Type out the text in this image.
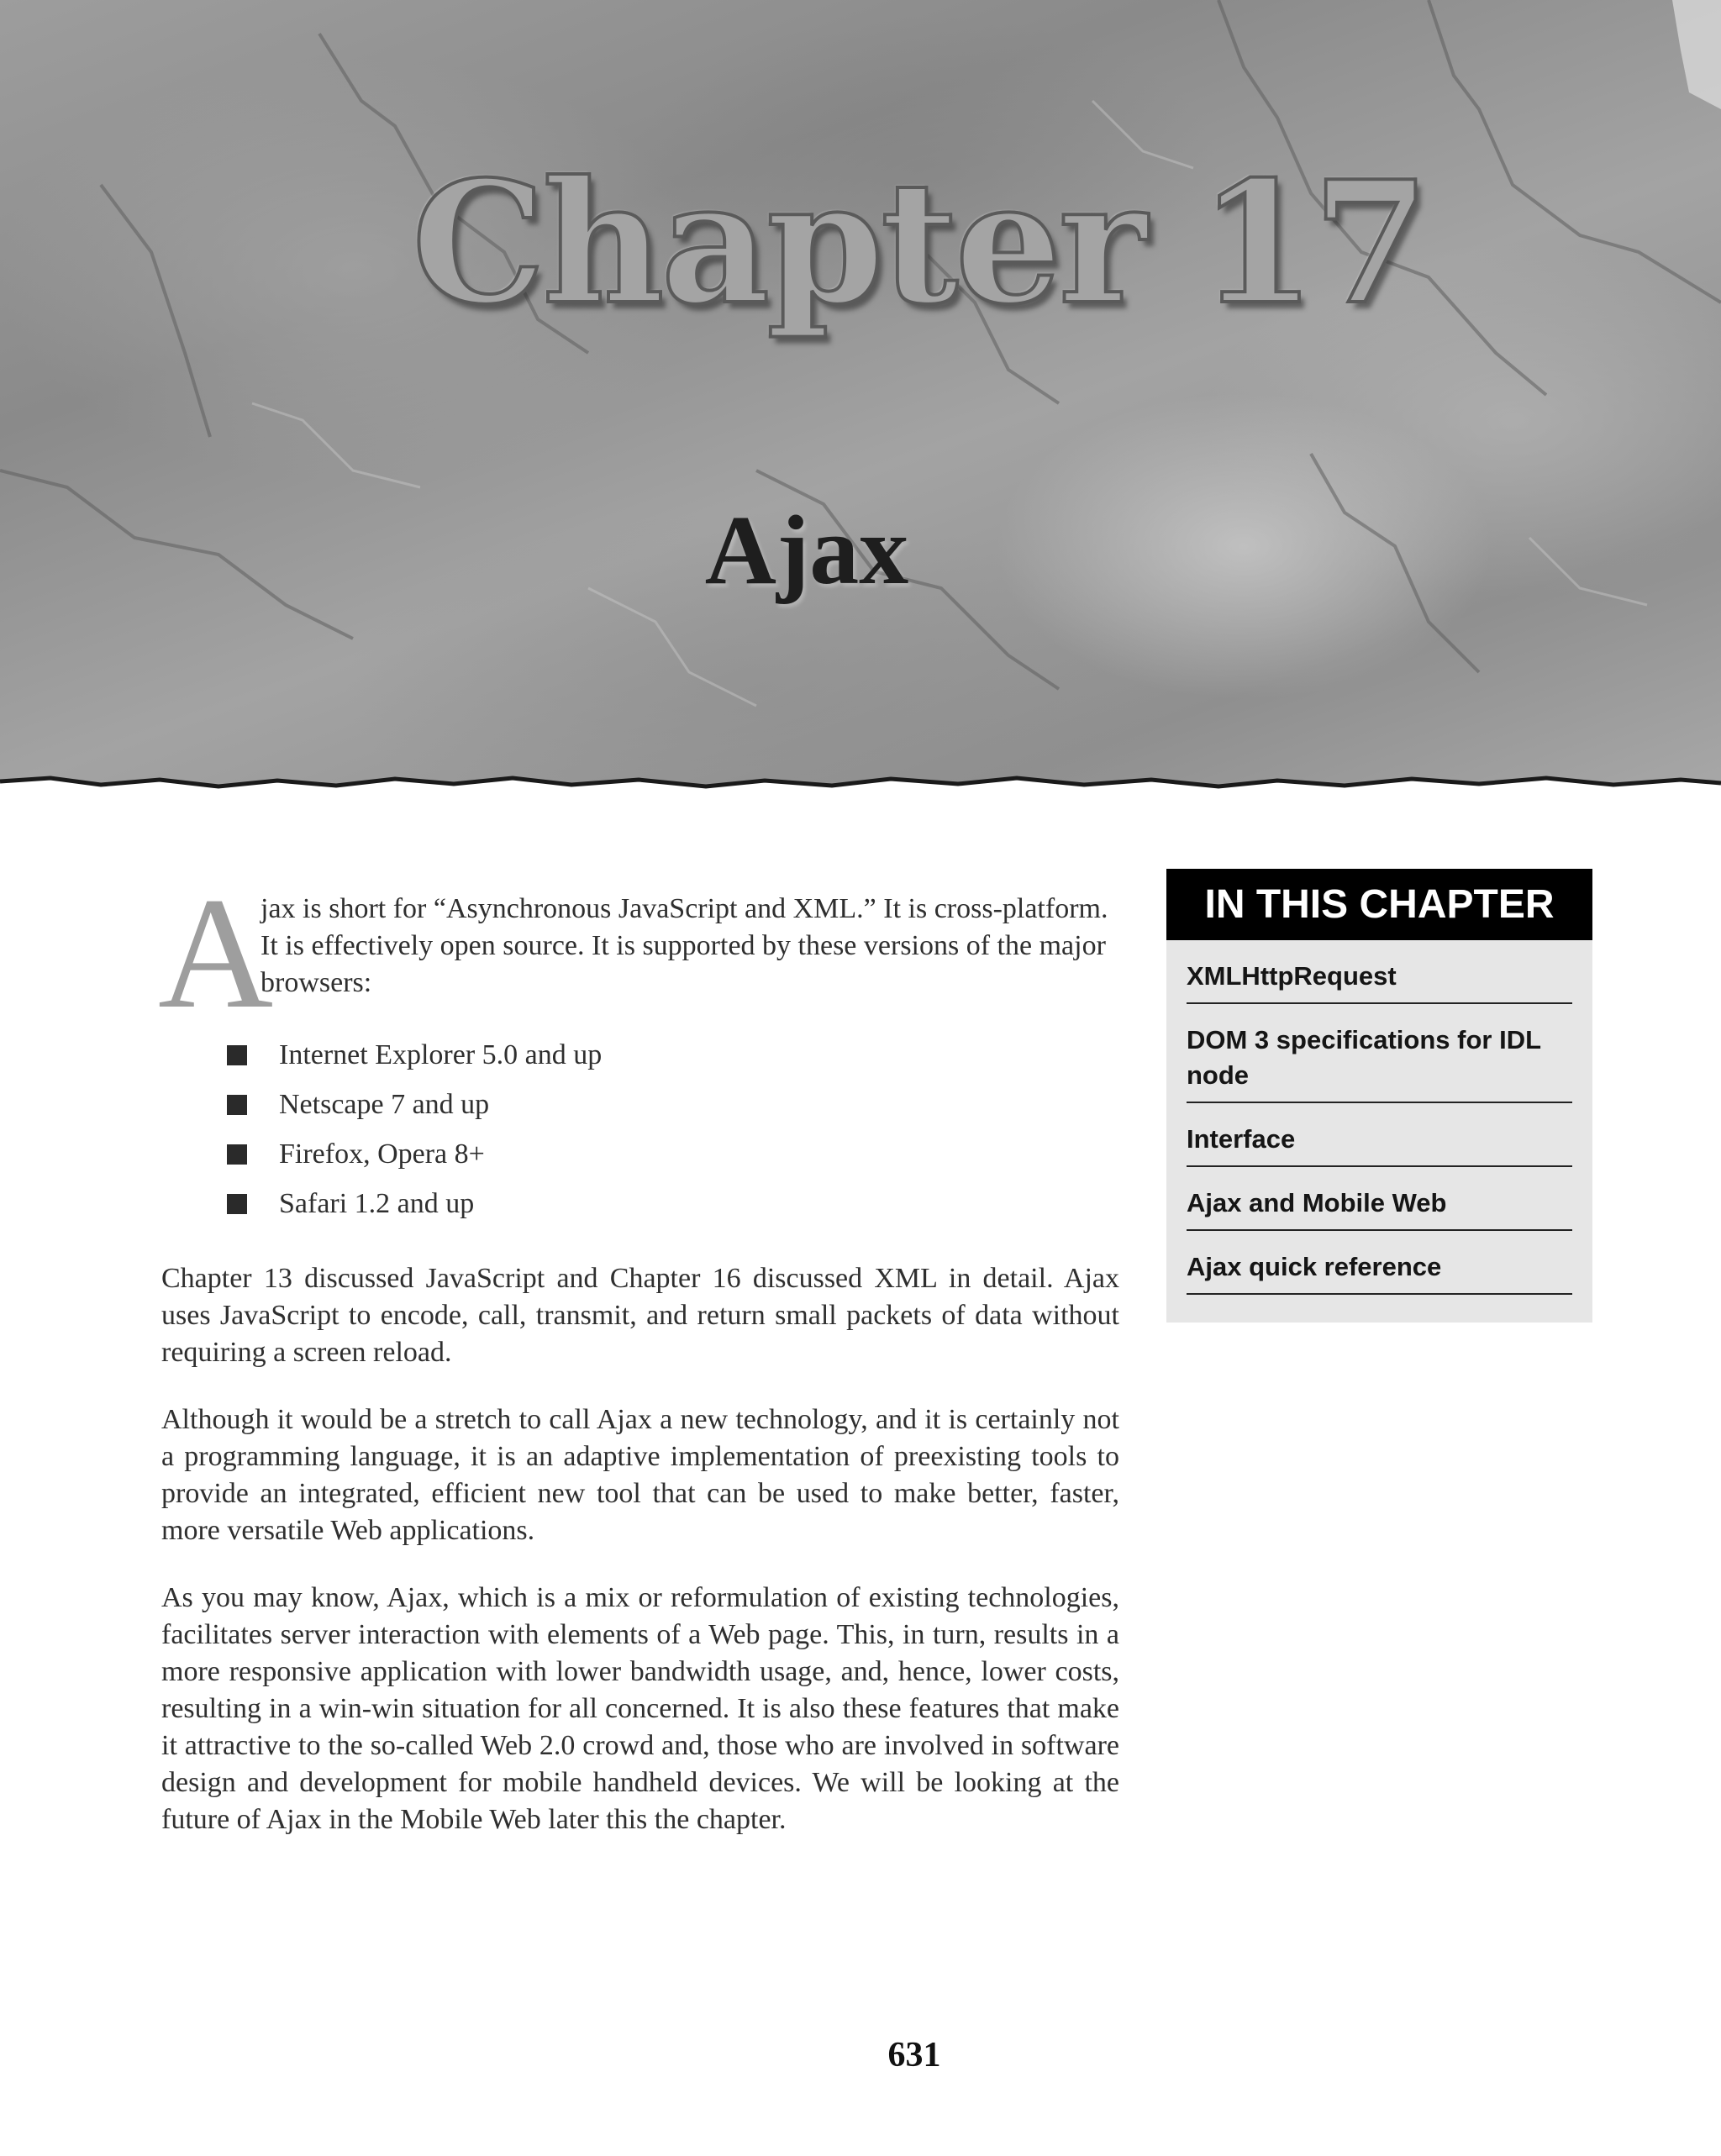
Chapter 17
Ajax

A
jax is short for “Asynchronous JavaScript and XML.” It is cross-platform. It is effectively open source. It is supported by these versions of the major browsers:

Internet Explorer 5.0 and up
Netscape 7 and up
Firefox, Opera 8+
Safari 1.2 and up

Chapter 13 discussed JavaScript and Chapter 16 discussed XML in detail. Ajax uses JavaScript to encode, call, transmit, and return small packets of data without requiring a screen reload.

Although it would be a stretch to call Ajax a new technology, and it is certainly not a programming language, it is an adaptive implementation of preexisting tools to provide an integrated, efficient new tool that can be used to make better, faster, more versatile Web applications.

As you may know, Ajax, which is a mix or reformulation of existing technologies, facilitates server interaction with elements of a Web page. This, in turn, results in a more responsive application with lower bandwidth usage, and, hence, lower costs, resulting in a win-win situation for all concerned. It is also these features that make it attractive to the so-called Web 2.0 crowd and, those who are involved in software design and development for mobile handheld devices. We will be looking at the future of Ajax in the Mobile Web later this the chapter.

IN THIS CHAPTER
XMLHttpRequest
DOM 3 specifications for IDL node
Interface
Ajax and Mobile Web
Ajax quick reference
631
